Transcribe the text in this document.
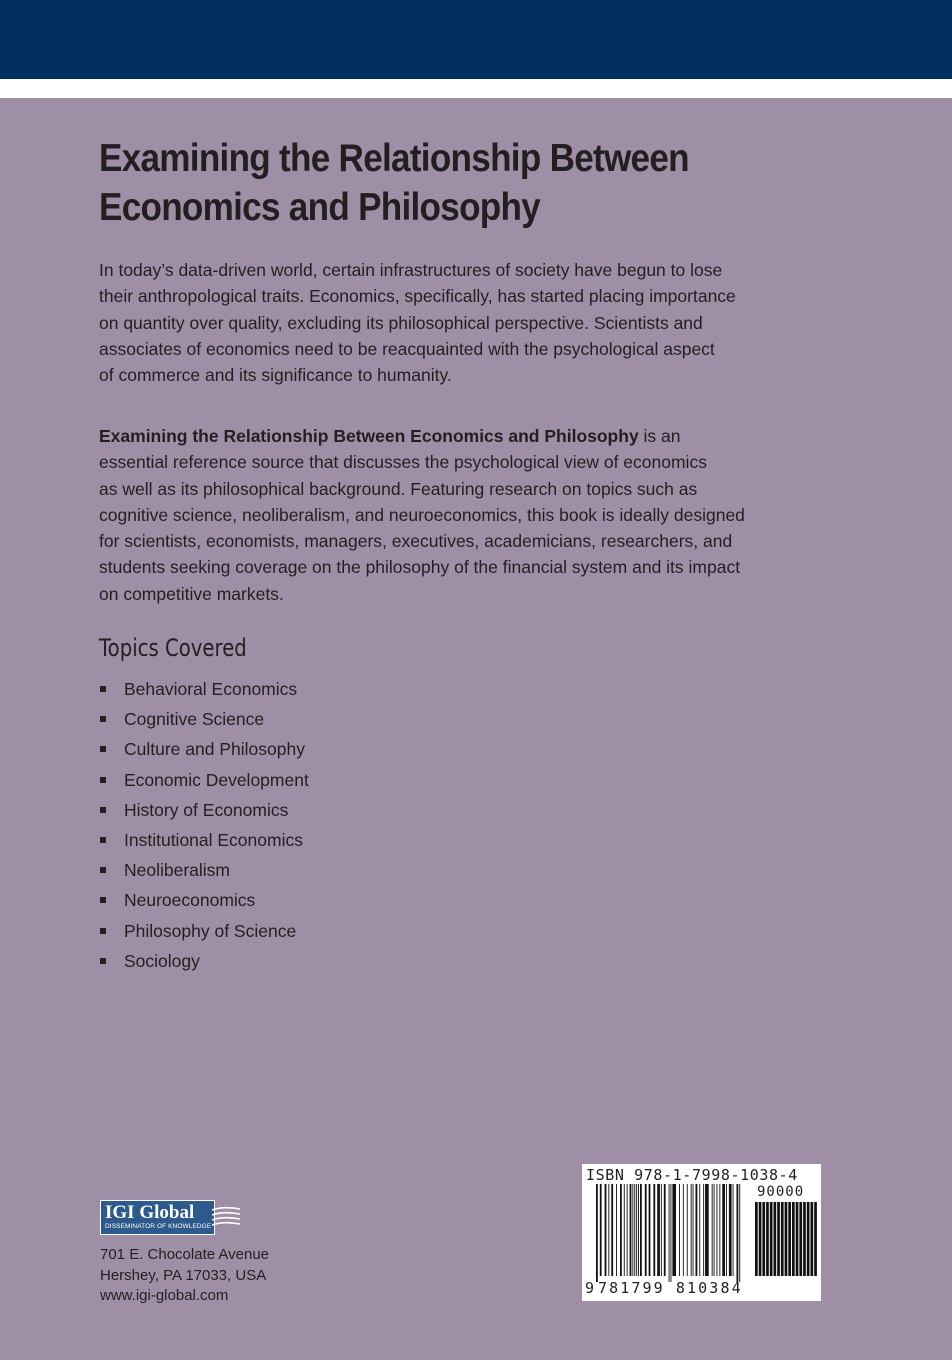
Examining the Relationship Between
Economics and Philosophy

In today’s data-driven world, certain infrastructures of society have begun to lose
their anthropological traits. Economics, specifically, has started placing importance
on quantity over quality, excluding its philosophical perspective. Scientists and
associates of economics need to be reacquainted with the psychological aspect
of commerce and its significance to humanity.

Examining the Relationship Between Economics and Philosophy is an
essential reference source that discusses the psychological view of economics
as well as its philosophical background. Featuring research on topics such as
cognitive science, neoliberalism, and neuroeconomics, this book is ideally designed
for scientists, economists, managers, executives, academicians, researchers, and
students seeking coverage on the philosophy of the financial system and its impact
on competitive markets.

Topics Covered
Behavioral Economics
Cognitive Science
Culture and Philosophy
Economic Development
History of Economics
Institutional Economics
Neoliberalism
Neuroeconomics
Philosophy of Science
Sociology
IGI Global
DISSEMINATOR OF KNOWLEDGE

701 E. Chocolate Avenue
Hershey, PA 17033, USA
www.igi-global.com

ISBN 978-1-7998-1038-4
90000
9 781799 810384
